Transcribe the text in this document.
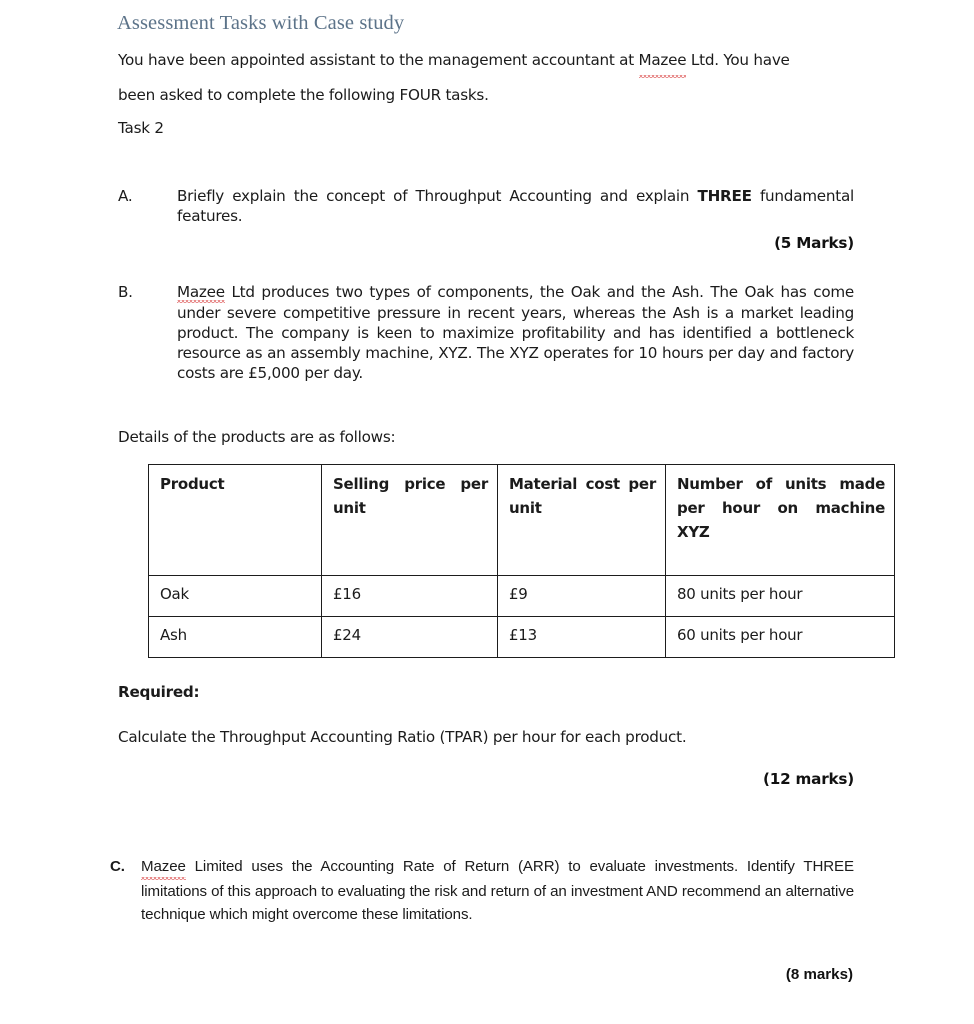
Assessment Tasks with Case study
You have been appointed assistant to the management accountant at Mazee Ltd. You have been asked to complete the following FOUR tasks.
Task 2
A.	Briefly explain the concept of Throughput Accounting and explain THREE fundamental features.
(5 Marks)
B.	Mazee Ltd produces two types of components, the Oak and the Ash. The Oak has come under severe competitive pressure in recent years, whereas the Ash is a market leading product. The company is keen to maximize profitability and has identified a bottleneck resource as an assembly machine, XYZ. The XYZ operates for 10 hours per day and factory costs are £5,000 per day.
Details of the products are as follows:
Product	Selling price per unit	Material cost per unit	Number of units made per hour on machine XYZ
Oak	£16	£9	80 units per hour
Ash	£24	£13	60 units per hour
Required:
Calculate the Throughput Accounting Ratio (TPAR) per hour for each product.
(12 marks)
C. Mazee Limited uses the Accounting Rate of Return (ARR) to evaluate investments. Identify THREE limitations of this approach to evaluating the risk and return of an investment AND recommend an alternative technique which might overcome these limitations.
(8 marks)
